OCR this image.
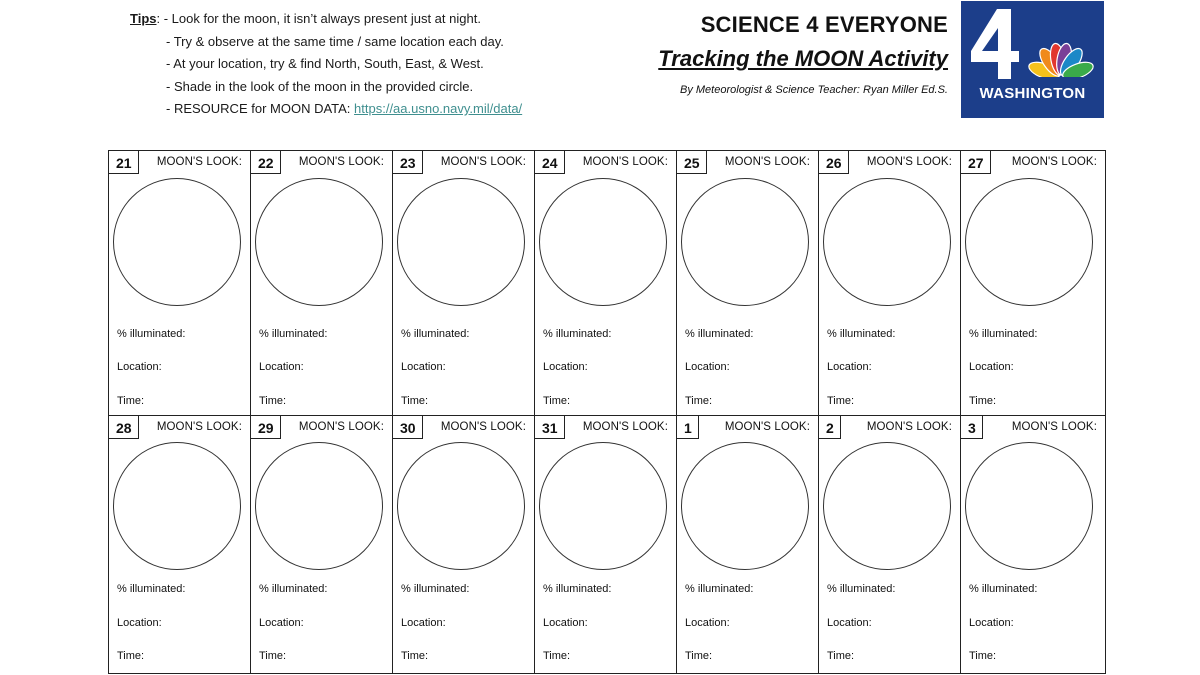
Tips: - Look for the moon, it isn’t always present just at night.
- Try & observe at the same time / same location each day.
- At your location, try & find North, South, East, & West.
- Shade in the look of the moon in the provided circle.
- RESOURCE for MOON DATA: https://aa.usno.navy.mil/data/
SCIENCE 4 EVERYONE
Tracking the MOON Activity
By Meteorologist & Science Teacher: Ryan Miller Ed.S.	WASHINGTON
21	MOON'S LOOK:
% illuminated:
Location:
Time:
22	MOON'S LOOK:
% illuminated:
Location:
Time:
23	MOON'S LOOK:
% illuminated:
Location:
Time:
24	MOON'S LOOK:
% illuminated:
Location:
Time:
25	MOON'S LOOK:
% illuminated:
Location:
Time:
26	MOON'S LOOK:
% illuminated:
Location:
Time:
27	MOON'S LOOK:
% illuminated:
Location:
Time:
28	MOON'S LOOK:
% illuminated:
Location:
Time:
29	MOON'S LOOK:
% illuminated:
Location:
Time:
30	MOON'S LOOK:
% illuminated:
Location:
Time:
31	MOON'S LOOK:
% illuminated:
Location:
Time:
1	MOON'S LOOK:
% illuminated:
Location:
Time:
2	MOON'S LOOK:
% illuminated:
Location:
Time:
3	MOON'S LOOK:
% illuminated:
Location:
Time:
